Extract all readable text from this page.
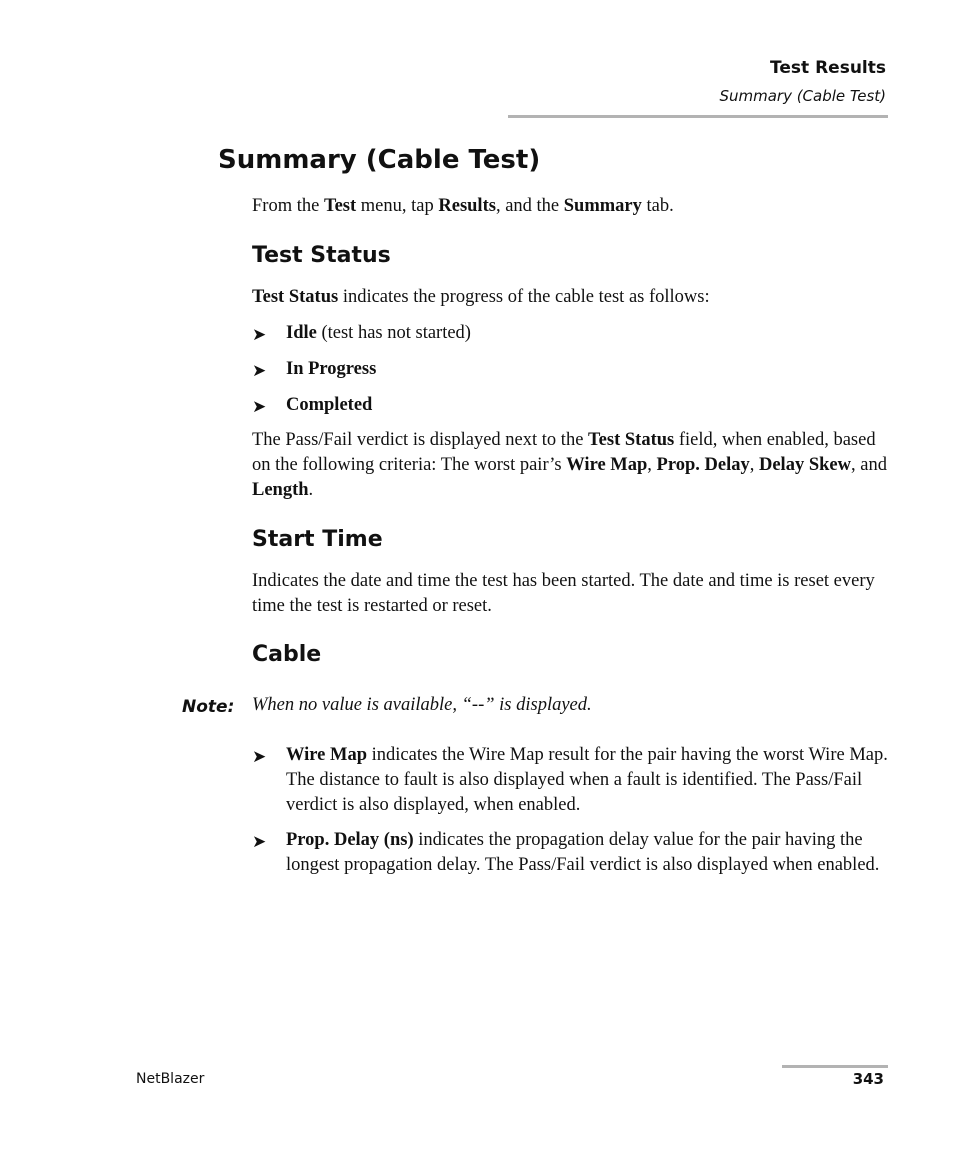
Test Results
Summary (Cable Test)
Summary (Cable Test)

From the Test menu, tap Results, and the Summary tab.

Test Status

Test Status indicates the progress of the cable test as follows:

➤ Idle (test has not started)
➤ In Progress
➤ Completed

The Pass/Fail verdict is displayed next to the Test Status field, when enabled, based on the following criteria: The worst pair’s Wire Map, Prop. Delay, Delay Skew, and Length.

Start Time

Indicates the date and time the test has been started. The date and time is reset every time the test is restarted or reset.

Cable
Note: When no value is available, “--” is displayed.
➤ Wire Map indicates the Wire Map result for the pair having the worst Wire Map. The distance to fault is also displayed when a fault is identified. The Pass/Fail verdict is also displayed, when enabled.
➤ Prop. Delay (ns) indicates the propagation delay value for the pair having the longest propagation delay. The Pass/Fail verdict is also displayed when enabled.
NetBlazer	343
